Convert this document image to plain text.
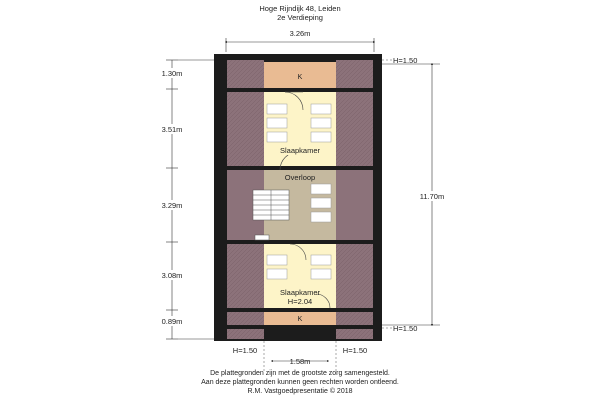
Hoge Rijndijk 48, Leiden
2e Verdieping
K
Slaapkamer
Overloop
Slaapkamer
H=2.04
K
3.26m
1.30m
3.51m
3.29m
3.08m
0.89m
11.70m
H=1.50
H=1.50
H=1.50	H=1.50
1.58m
De plattegronden zijn met de grootste zorg samengesteld.
Aan deze plattegronden kunnen geen rechten worden ontleend.
R.M. Vastgoedpresentatie © 2018
